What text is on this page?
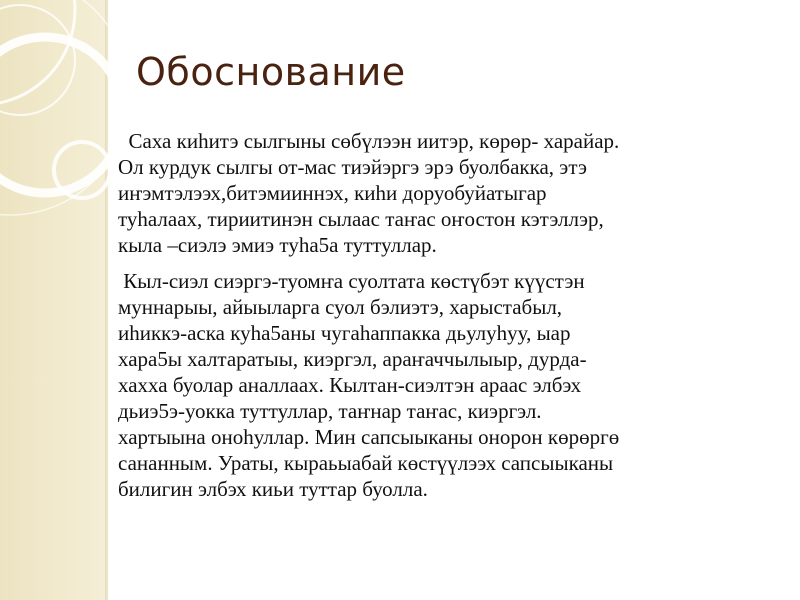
Обоснование

Саха киһитэ сылгыны сөбүлээн иитэр, көрөр- харайар.
Ол курдук сылгы от-мас тиэйэргэ эрэ буолбакка, этэ
иҥэмтэлээх,битэмииннэх, киһи доруобуйатыгар
туһалаах, тириитинэн сылаас таҥас оҥостон кэтэллэр,
кыла –сиэлэ эмиэ туһа5а туттуллар.

Кыл-сиэл сиэргэ-туомҥа суолтата көстүбэт күүстэн
муннарыы, айыыларга суол бэлиэтэ, харыстабыл,
иһиккэ-аска куһа5аны чугаһаппакка дьулуһуу, ыар
хара5ы халтаратыы, киэргэл, араҥаччылыыр, дурда-
хахха буолар аналлаах. Кылтан-сиэлтэн араас элбэх
дьиэ5э-уокка туттуллар, таҥнар таҥас, киэргэл.
хартыына оноһуллар. Мин сапсыыканы онорон көрөргө
сананным. Ураты, кыраьыабай көстүүлээх сапсыыканы
билигин элбэх киьи туттар буолла.
